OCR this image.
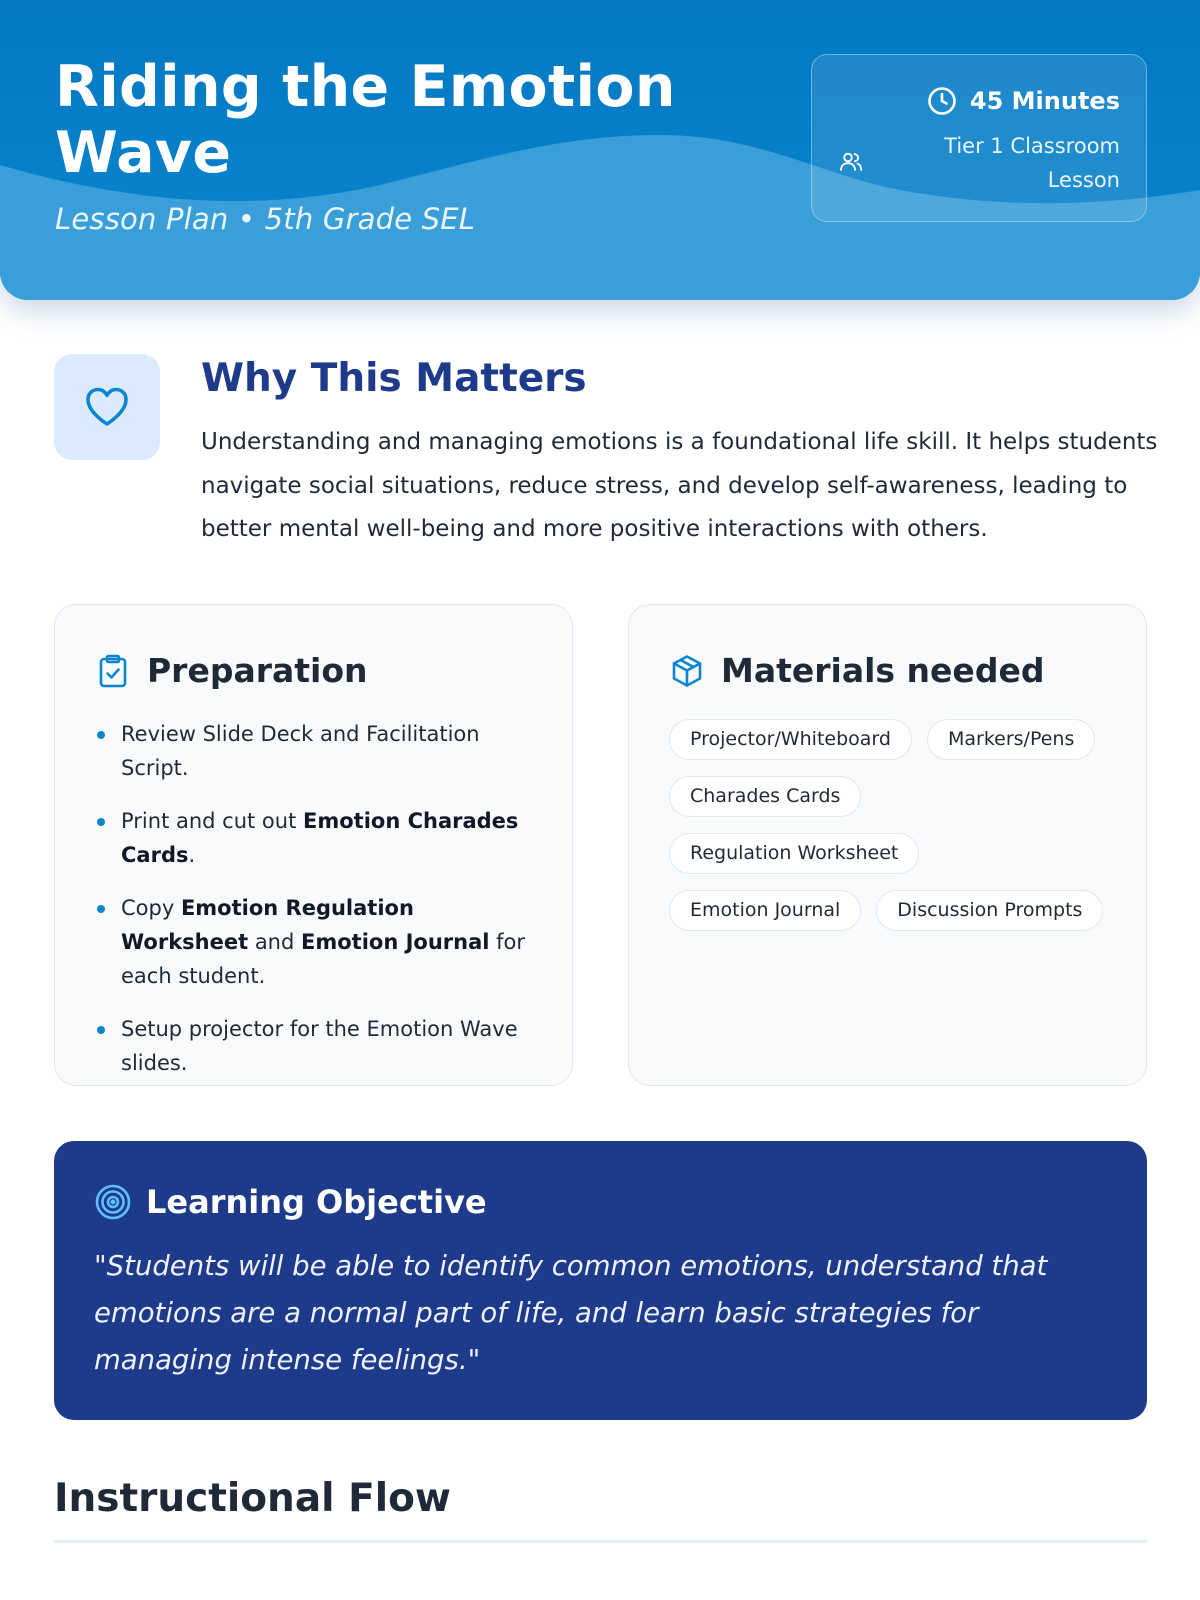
Riding the Emotion Wave
Lesson Plan • 5th Grade SEL
45 Minutes
Tier 1 Classroom Lesson
Why This Matters

Understanding and managing emotions is a foundational life skill. It helps students navigate social situations, reduce stress, and develop self-awareness, leading to better mental well-being and more positive interactions with others.

Preparation
Review Slide Deck and Facilitation Script.
Print and cut out Emotion Charades Cards.
Copy Emotion Regulation Worksheet and Emotion Journal for each student.
Setup projector for the Emotion Wave slides.
Materials needed
Projector/Whiteboard	Markers/Pens
Charades Cards
Regulation Worksheet
Emotion Journal	Discussion Prompts
Learning Objective

"Students will be able to identify common emotions, understand that emotions are a normal part of life, and learn basic strategies for managing intense feelings."

Instructional Flow
